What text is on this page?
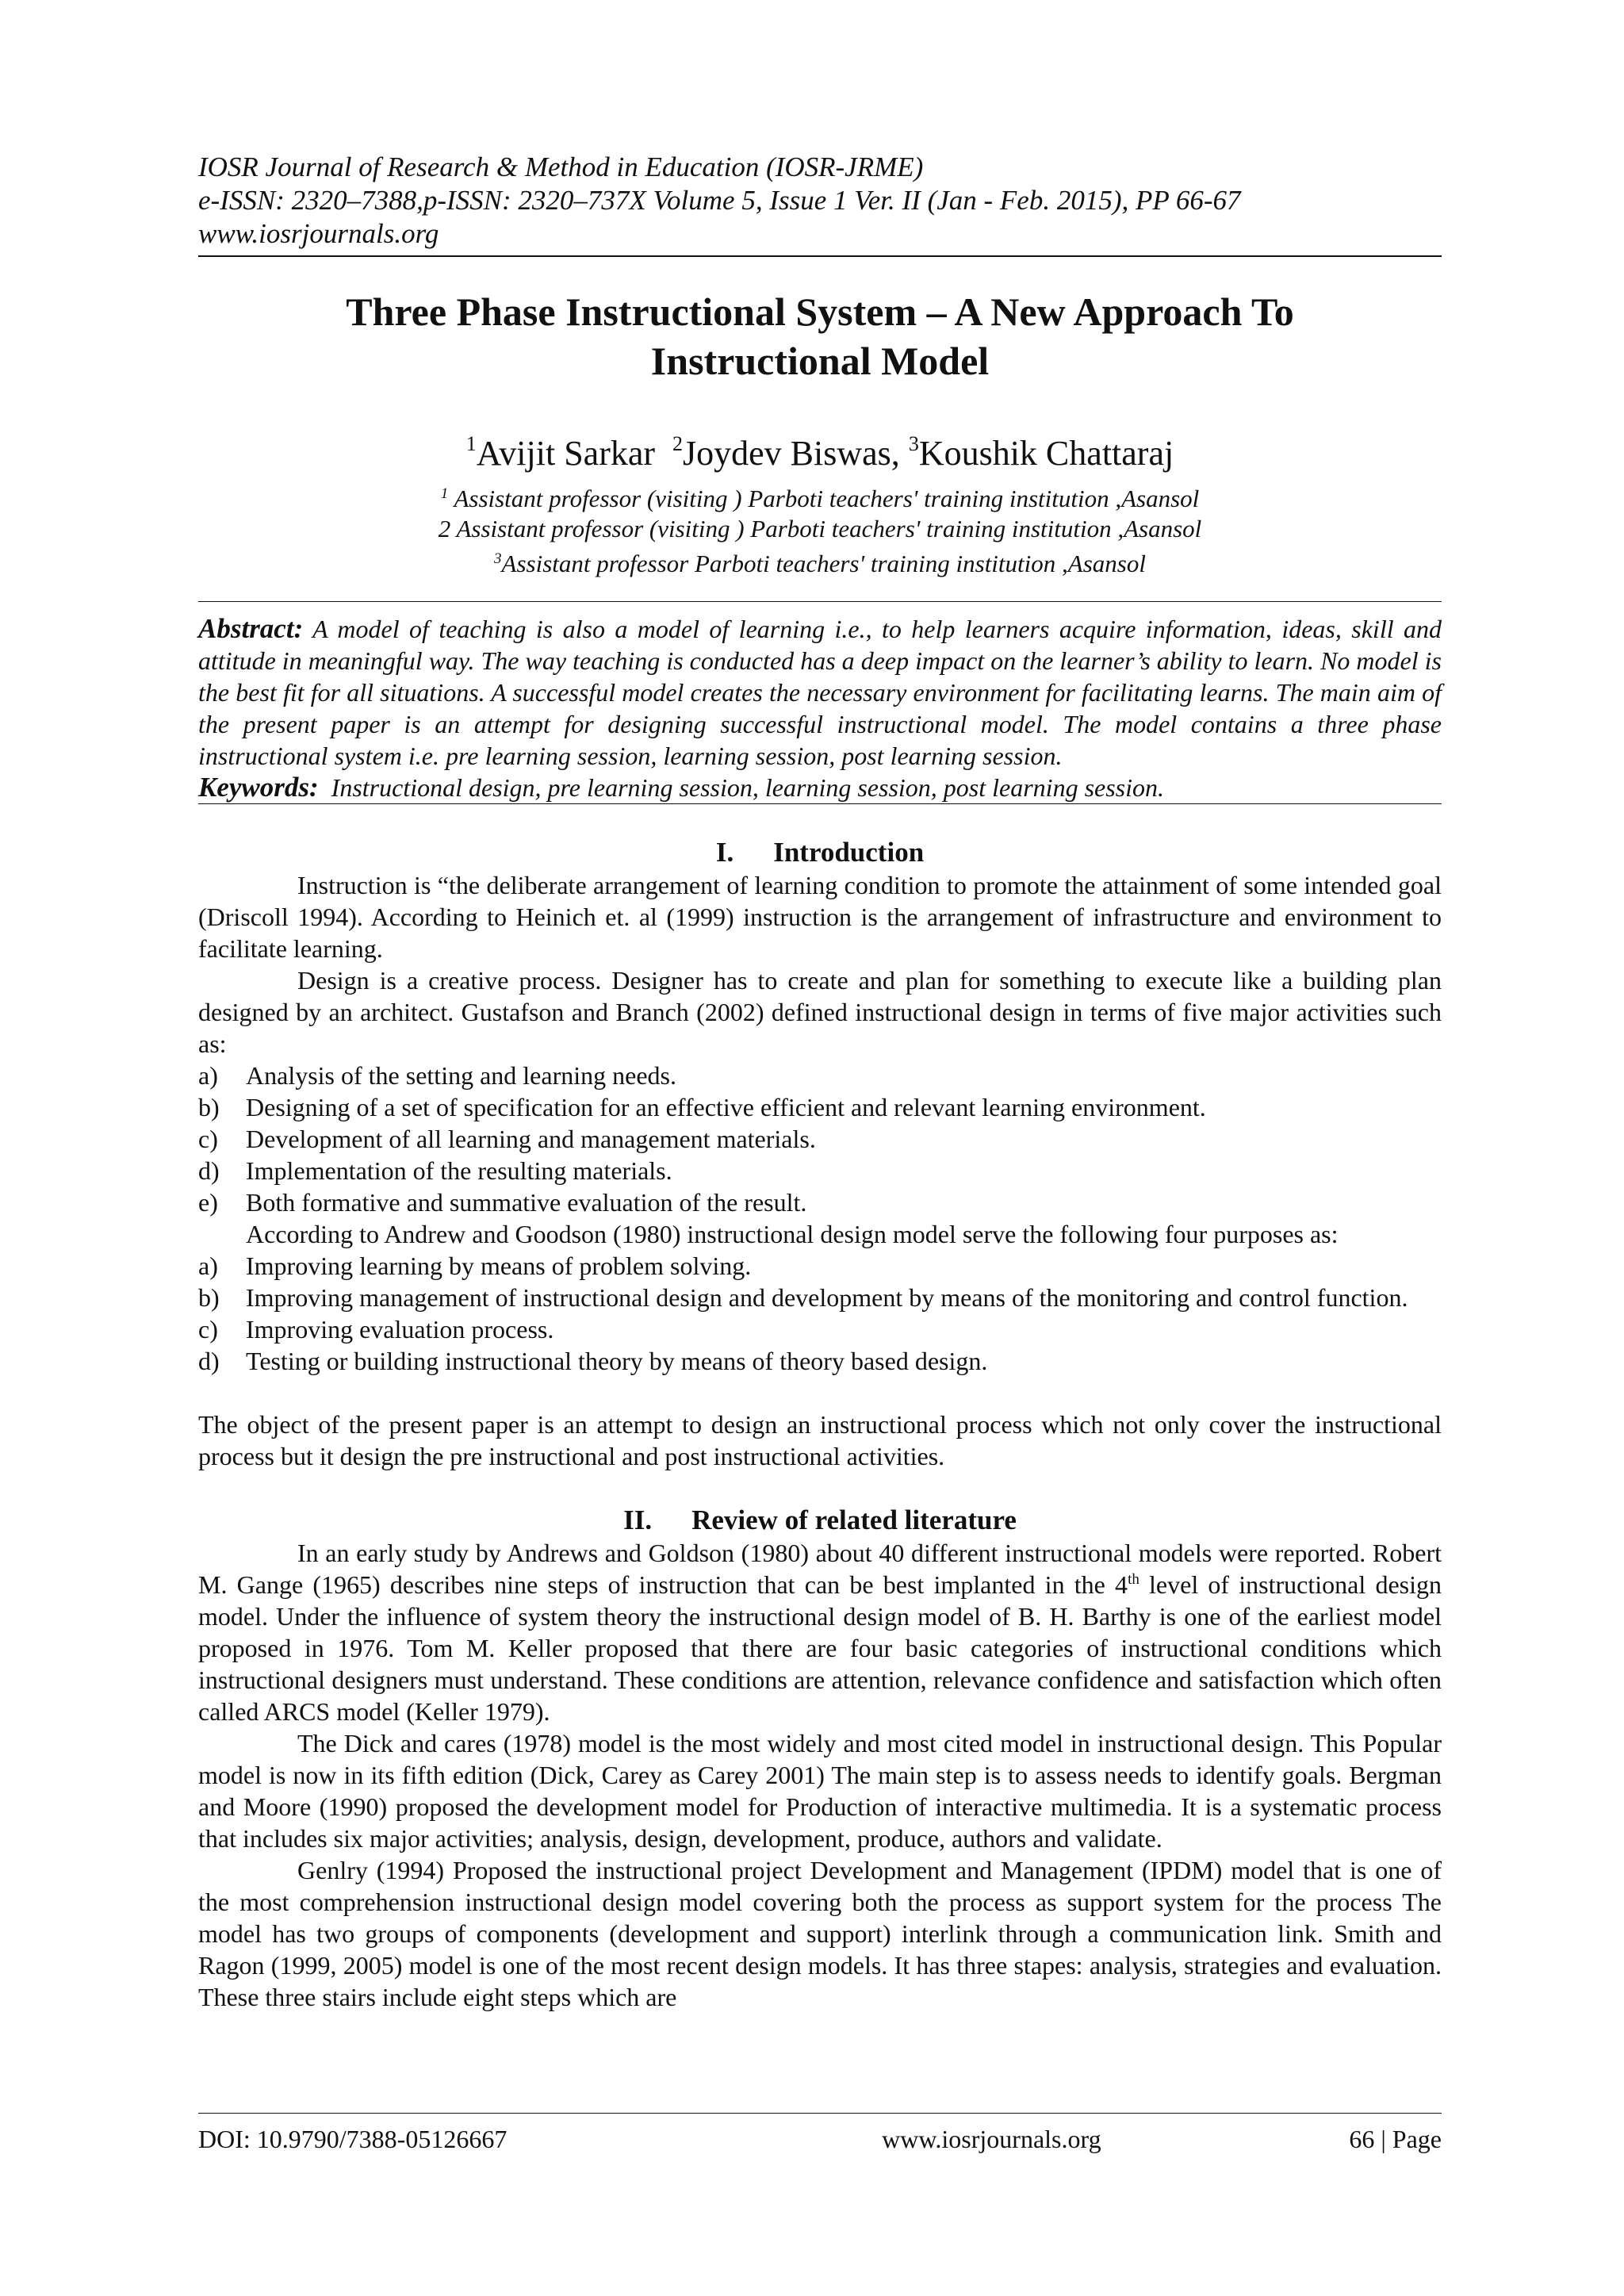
IOSR Journal of Research & Method in Education (IOSR-JRME)
e-ISSN: 2320–7388,p-ISSN: 2320–737X Volume 5, Issue 1 Ver. II (Jan - Feb. 2015), PP 66-67
www.iosrjournals.org
Three Phase Instructional System – A New Approach To Instructional Model
$^1$Avijit Sarkar $^2$Joydev Biswas, $^3$Koushik Chattaraj
$^1$ Assistant professor (visiting ) Parboti teachers' training institution ,Asansol
2 Assistant professor (visiting ) Parboti teachers' training institution ,Asansol
$^3$Assistant professor Parboti teachers' training institution ,Asansol
Abstract: A model of teaching is also a model of learning i.e., to help learners acquire information, ideas, skill and attitude in meaningful way. The way teaching is conducted has a deep impact on the learner’s ability to learn. No model is the best fit for all situations. A successful model creates the necessary environment for facilitating learns. The main aim of the present paper is an attempt for designing successful instructional model. The model contains a three phase instructional system i.e. pre learning session, learning session, post learning session.
Keywords: Instructional design, pre learning session, learning session, post learning session.
I. Introduction

Instruction is “the deliberate arrangement of learning condition to promote the attainment of some intended goal (Driscoll 1994). According to Heinich et. al (1999) instruction is the arrangement of infrastructure and environment to facilitate learning.

Design is a creative process. Designer has to create and plan for something to execute like a building plan designed by an architect. Gustafson and Branch (2002) defined instructional design in terms of five major activities such as:

a)	Analysis of the setting and learning needs.
b)	Designing of a set of specification for an effective efficient and relevant learning environment.
c)	Development of all learning and management materials.
d)	Implementation of the resulting materials.
e)	Both formative and summative evaluation of the result.

According to Andrew and Goodson (1980) instructional design model serve the following four purposes as:

a)	Improving learning by means of problem solving.
b)	Improving management of instructional design and development by means of the monitoring and control function.
c)	Improving evaluation process.
d)	Testing or building instructional theory by means of theory based design.

The object of the present paper is an attempt to design an instructional process which not only cover the instructional process but it design the pre instructional and post instructional activities.

II. Review of related literature

In an early study by Andrews and Goldson (1980) about 40 different instructional models were reported. Robert M. Gange (1965) describes nine steps of instruction that can be best implanted in the 4th level of instructional design model. Under the influence of system theory the instructional design model of B. H. Barthy is one of the earliest model proposed in 1976. Tom M. Keller proposed that there are four basic categories of instructional conditions which instructional designers must understand. These conditions are attention, relevance confidence and satisfaction which often called ARCS model (Keller 1979).

The Dick and cares (1978) model is the most widely and most cited model in instructional design. This Popular model is now in its fifth edition (Dick, Carey as Carey 2001) The main step is to assess needs to identify goals. Bergman and Moore (1990) proposed the development model for Production of interactive multimedia. It is a systematic process that includes six major activities; analysis, design, development, produce, authors and validate.

Genlry (1994) Proposed the instructional project Development and Management (IPDM) model that is one of the most comprehension instructional design model covering both the process as support system for the process The model has two groups of components (development and support) interlink through a communication link. Smith and Ragon (1999, 2005) model is one of the most recent design models. It has three stapes: analysis, strategies and evaluation. These three stairs include eight steps which are

DOI: 10.9790/7388-05126667	www.iosrjournals.org	66 | Page
